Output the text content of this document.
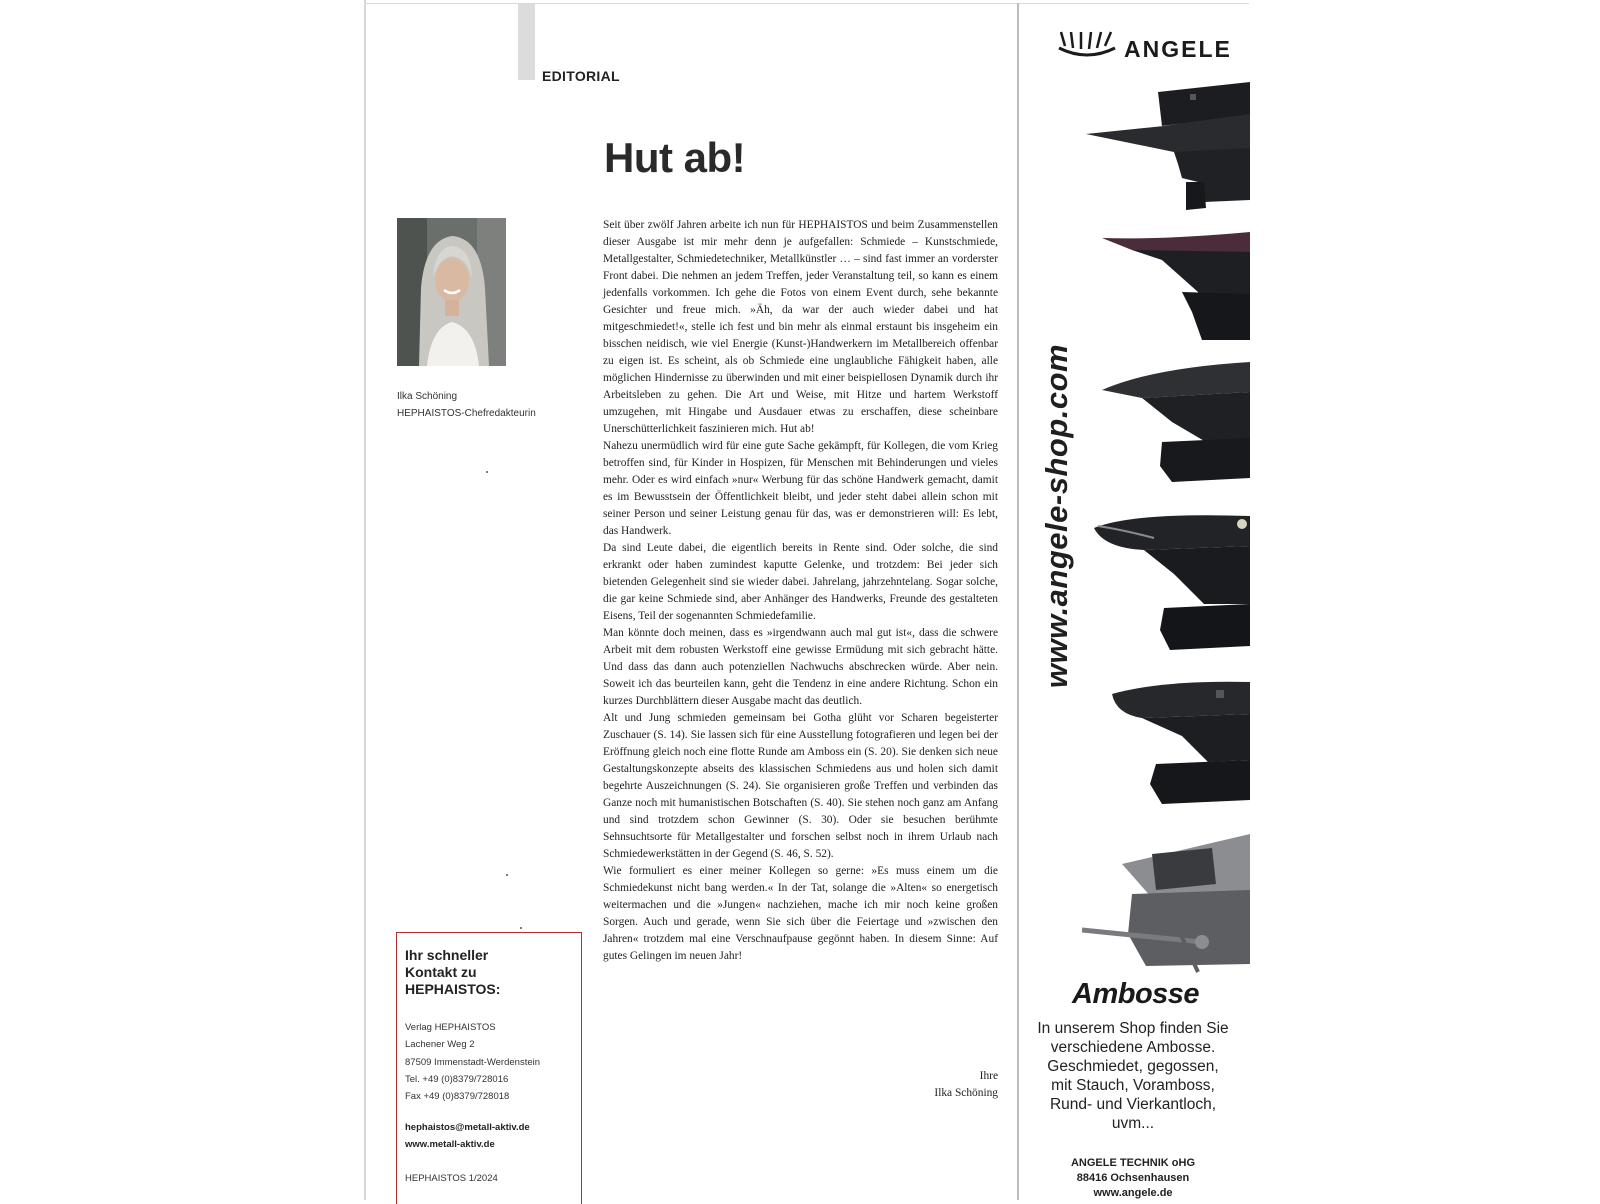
EDITORIAL
Hut ab!
Ilka Schöning
HEPHAISTOS-Chefredakteurin

Seit über zwölf Jahren arbeite ich nun für HEPHAISTOS und beim Zusammenstellen dieser Ausgabe ist mir mehr denn je aufgefallen: Schmiede – Kunstschmiede, Metallgestalter, Schmiedetechniker, Metallkünstler … – sind fast immer an vorderster Front dabei. Die nehmen an jedem Treffen, jeder Veranstaltung teil, so kann es einem jedenfalls vorkommen. Ich gehe die Fotos von einem Event durch, sehe bekannte Gesichter und freue mich. »Äh, da war der auch wieder dabei und hat mitgeschmiedet!«, stelle ich fest und bin mehr als einmal erstaunt bis insgeheim ein bisschen neidisch, wie viel Energie (Kunst-)Handwerkern im Metallbereich offenbar zu eigen ist. Es scheint, als ob Schmiede eine unglaubliche Fähigkeit haben, alle möglichen Hindernisse zu überwinden und mit einer beispiellosen Dynamik durch ihr Arbeitsleben zu gehen. Die Art und Weise, mit Hitze und hartem Werkstoff umzugehen, mit Hingabe und Ausdauer etwas zu erschaffen, diese scheinbare Unerschütterlichkeit faszinieren mich. Hut ab!

Nahezu unermüdlich wird für eine gute Sache gekämpft, für Kollegen, die vom Krieg betroffen sind, für Kinder in Hospizen, für Menschen mit Behinderungen und vieles mehr. Oder es wird einfach »nur« Werbung für das schöne Handwerk gemacht, damit es im Bewusstsein der Öffentlichkeit bleibt, und jeder steht dabei allein schon mit seiner Person und seiner Leistung genau für das, was er demonstrieren will: Es lebt, das Handwerk.

Da sind Leute dabei, die eigentlich bereits in Rente sind. Oder solche, die sind erkrankt oder haben zumindest kaputte Gelenke, und trotzdem: Bei jeder sich bietenden Gelegenheit sind sie wieder dabei. Jahrelang, jahrzehntelang. Sogar solche, die gar keine Schmiede sind, aber Anhänger des Handwerks, Freunde des gestalteten Eisens, Teil der sogenannten Schmiedefamilie.

Man könnte doch meinen, dass es »irgendwann auch mal gut ist«, dass die schwere Arbeit mit dem robusten Werkstoff eine gewisse Ermüdung mit sich gebracht hätte. Und dass das dann auch potenziellen Nachwuchs abschrecken würde. Aber nein. Soweit ich das beurteilen kann, geht die Tendenz in eine andere Richtung. Schon ein kurzes Durchblättern dieser Ausgabe macht das deutlich.

Alt und Jung schmieden gemeinsam bei Gotha glüht vor Scharen begeisterter Zuschauer (S. 14). Sie lassen sich für eine Ausstellung fotografieren und legen bei der Eröffnung gleich noch eine flotte Runde am Amboss ein (S. 20). Sie denken sich neue Gestaltungskonzepte abseits des klassischen Schmiedens aus und holen sich damit begehrte Auszeichnungen (S. 24). Sie organisieren große Treffen und verbinden das Ganze noch mit humanistischen Botschaften (S. 40). Sie stehen noch ganz am Anfang und sind trotzdem schon Gewinner (S. 30). Oder sie besuchen berühmte Sehnsuchtsorte für Metallgestalter und forschen selbst noch in ihrem Urlaub nach Schmiedewerkstätten in der Gegend (S. 46, S. 52).

Wie formuliert es einer meiner Kollegen so gerne: »Es muss einem um die Schmiedekunst nicht bang werden.« In der Tat, solange die »Alten« so energetisch weitermachen und die »Jungen« nachziehen, mache ich mir noch keine großen Sorgen. Auch und gerade, wenn Sie sich über die Feiertage und »zwischen den Jahren« trotzdem mal eine Verschnaufpause gegönnt haben. In diesem Sinne: Auf gutes Gelingen im neuen Jahr!

Ihre
Ilka Schöning
Ihr schneller
Kontakt zu
HEPHAISTOS:
Verlag HEPHAISTOS
Lachener Weg 2
87509 Immenstadt-Werdenstein
Tel. +49 (0)8379/728016
Fax +49 (0)8379/728018
hephaistos@metall-aktiv.de
www.metall-aktiv.de
HEPHAISTOS 1/2024
ANGELE
www.angele-shop.com
Ambosse
In unserem Shop finden Sie
verschiedene Ambosse.
Geschmiedet, gegossen,
mit Stauch, Voramboss,
Rund- und Vierkantloch,
uvm...
ANGELE TECHNIK oHG
88416 Ochsenhausen
www.angele.de
